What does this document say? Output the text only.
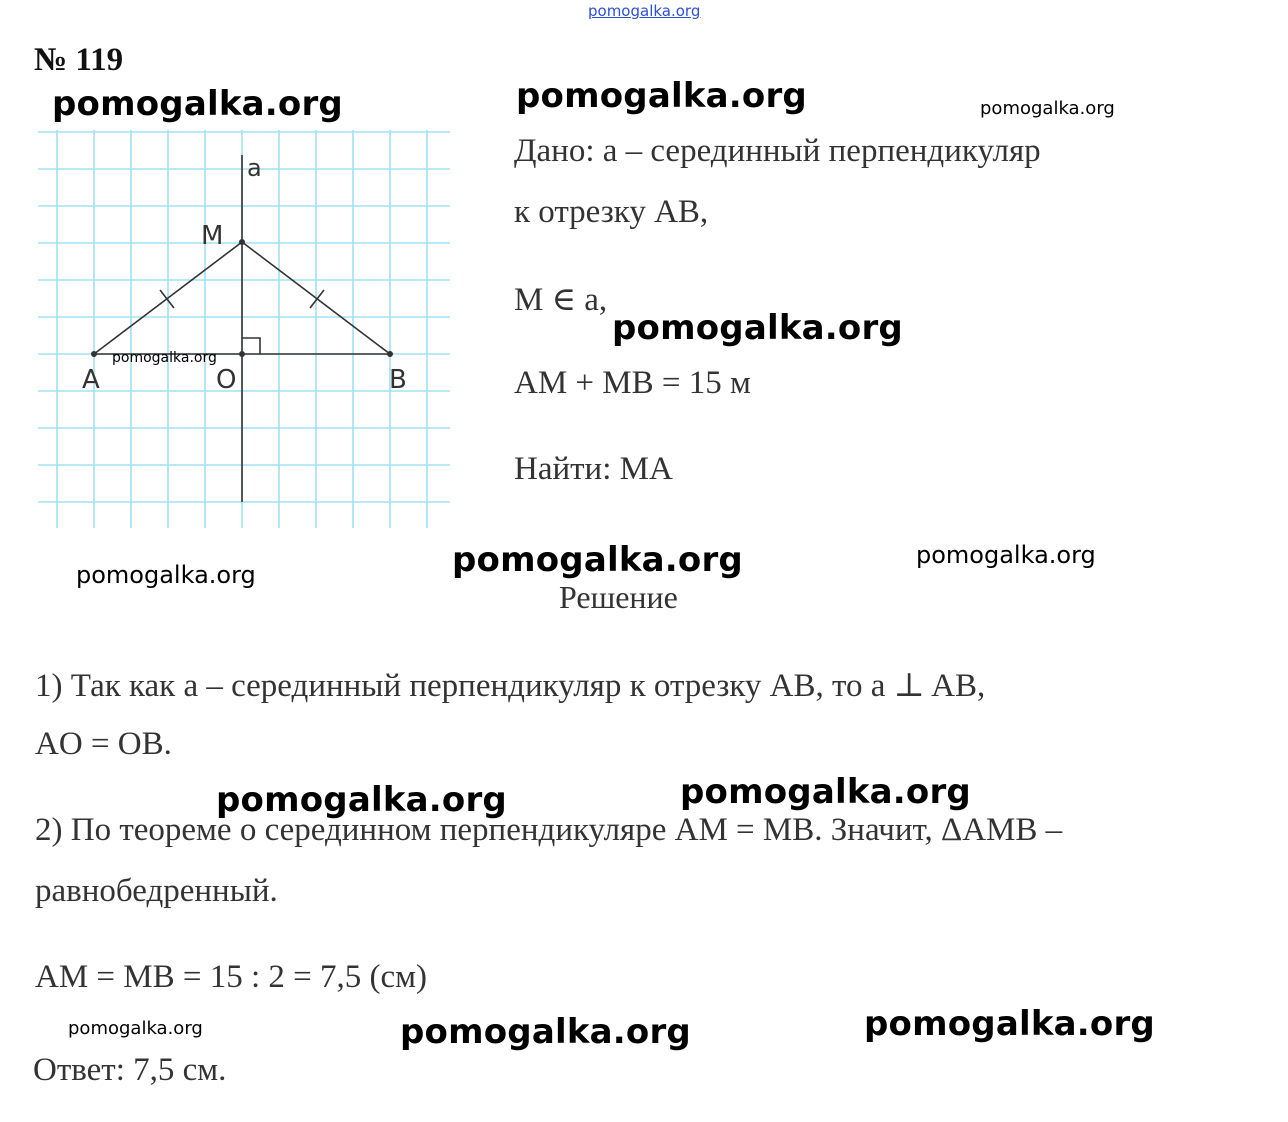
pomogalka.org
№ 119
a
M
A	O	B
pomogalka.org
Дано: a – серединный перпендикуляр
к отрезку AB,
M ∈ a,
AM + MB = 15 м
Найти: MA
Решение
1) Так как a – серединный перпендикуляр к отрезку AB, то a ⊥ AB,
AO = OB.
2) По теореме о серединном перпендикуляре AM = MB. Значит, ΔAMB –
равнобедренный.
AM = MB = 15 : 2 = 7,5 (см)
Ответ: 7,5 см.
pomogalka.org	pomogalka.org	pomogalka.org
pomogalka.org
pomogalka.org	pomogalka.org	pomogalka.org
pomogalka.org	pomogalka.org
pomogalka.org	pomogalka.org	pomogalka.org
